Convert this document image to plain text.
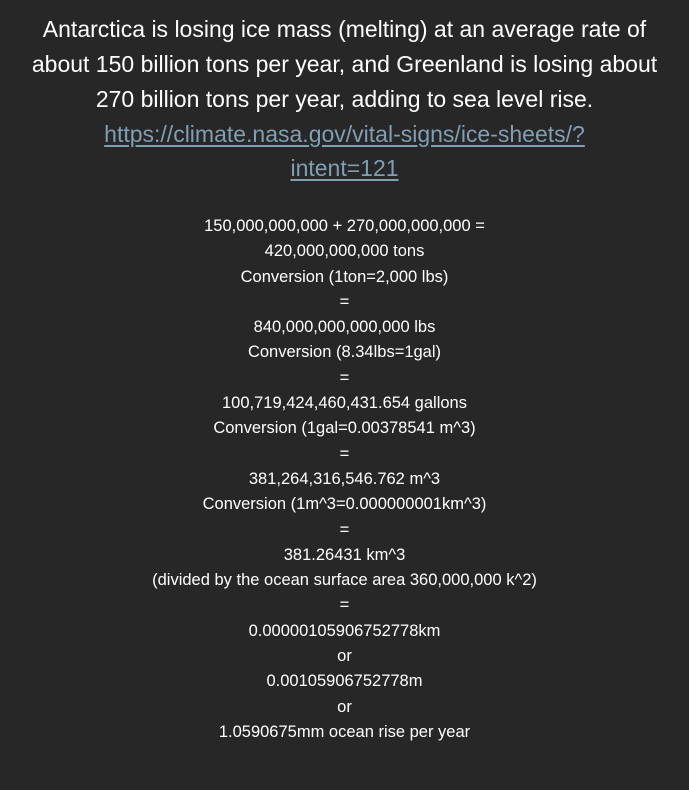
Antarctica is losing ice mass (melting) at an average rate of about 150 billion tons per year, and Greenland is losing about 270 billion tons per year, adding to sea level rise.

https://climate.nasa.gov/vital-signs/ice-sheets/?intent=121
150,000,000,000 + 270,000,000,000 =
420,000,000,000 tons
Conversion (1ton=2,000 lbs)
=
840,000,000,000,000 lbs
Conversion (8.34lbs=1gal)
=
100,719,424,460,431.654 gallons
Conversion (1gal=0.00378541 m^3)
=
381,264,316,546.762 m^3
Conversion (1m^3=0.000000001km^3)
=
381.26431 km^3
(divided by the ocean surface area 360,000,000 k^2)
=
0.00000105906752778km
or
0.00105906752778m
or
1.0590675mm ocean rise per year
